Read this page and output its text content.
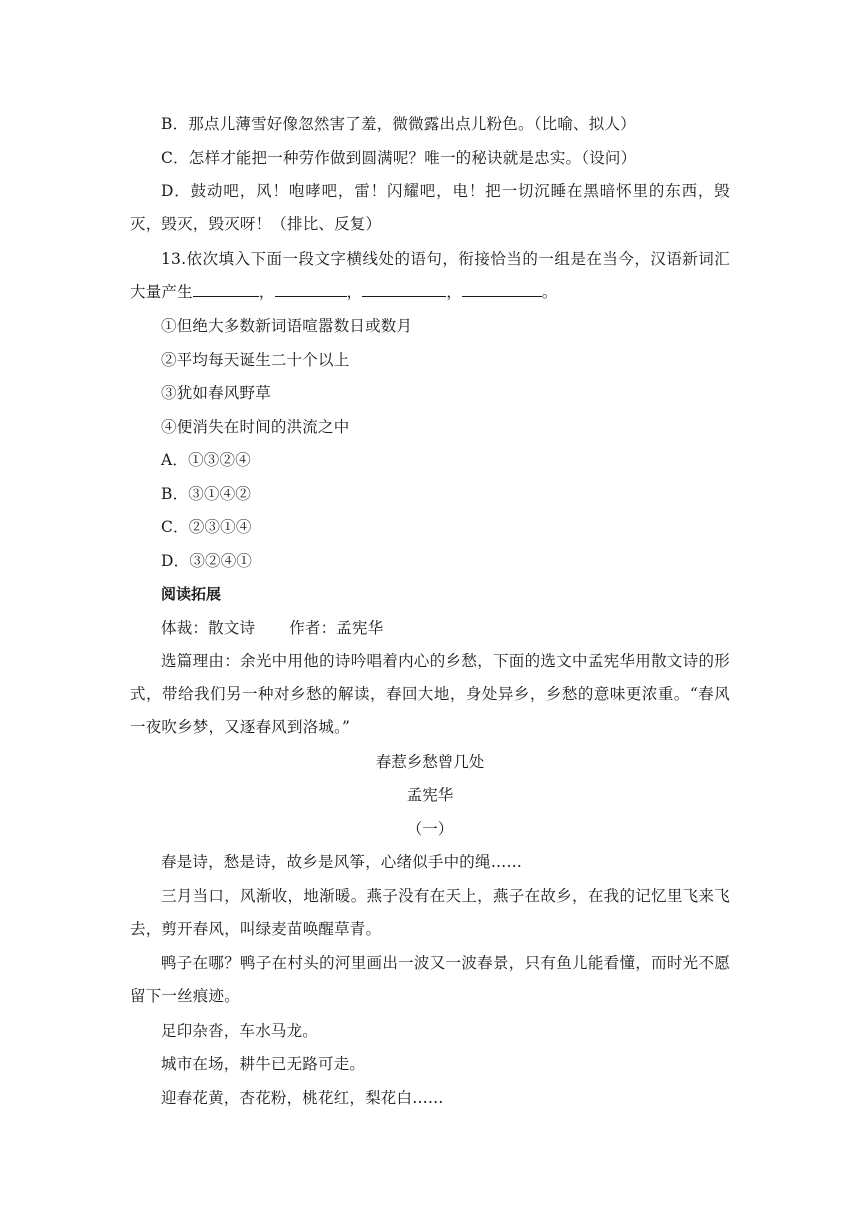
B．那点儿薄雪好像忽然害了羞，微微露出点儿粉色。（比喻、拟人）

C．怎样才能把一种劳作做到圆满呢？唯一的秘诀就是忠实。（设问）

D．鼓动吧，风！咆哮吧，雷！闪耀吧，电！把一切沉睡在黑暗怀里的东西，毁灭，毁灭，毁灭呀！（排比、反复）

13.依次填入下面一段文字横线处的语句，衔接恰当的一组是在当今，汉语新词汇大量产生	，	，	，	。

①但绝大多数新词语喧嚣数日或数月

②平均每天诞生二十个以上

③犹如春风野草

④便消失在时间的洪流之中

A．①③②④

B．③①④②

C．②③①④

D．③②④①

阅读拓展

体裁：散文诗 作者：孟宪华

选篇理由：余光中用他的诗吟唱着内心的乡愁，下面的选文中孟宪华用散文诗的形式，带给我们另一种对乡愁的解读，春回大地，身处异乡，乡愁的意味更浓重。“春风一夜吹乡梦，又逐春风到洛城。”

春惹乡愁曾几处

孟宪华

（一）

春是诗，愁是诗，故乡是风筝，心绪似手中的绳……

三月当口，风渐收，地渐暖。燕子没有在天上，燕子在故乡，在我的记忆里飞来飞去，剪开春风，叫绿麦苗唤醒草青。

鸭子在哪？鸭子在村头的河里画出一波又一波春景，只有鱼儿能看懂，而时光不愿留下一丝痕迹。

足印杂沓，车水马龙。

城市在场，耕牛已无路可走。

迎春花黄，杏花粉，桃花红，梨花白……
